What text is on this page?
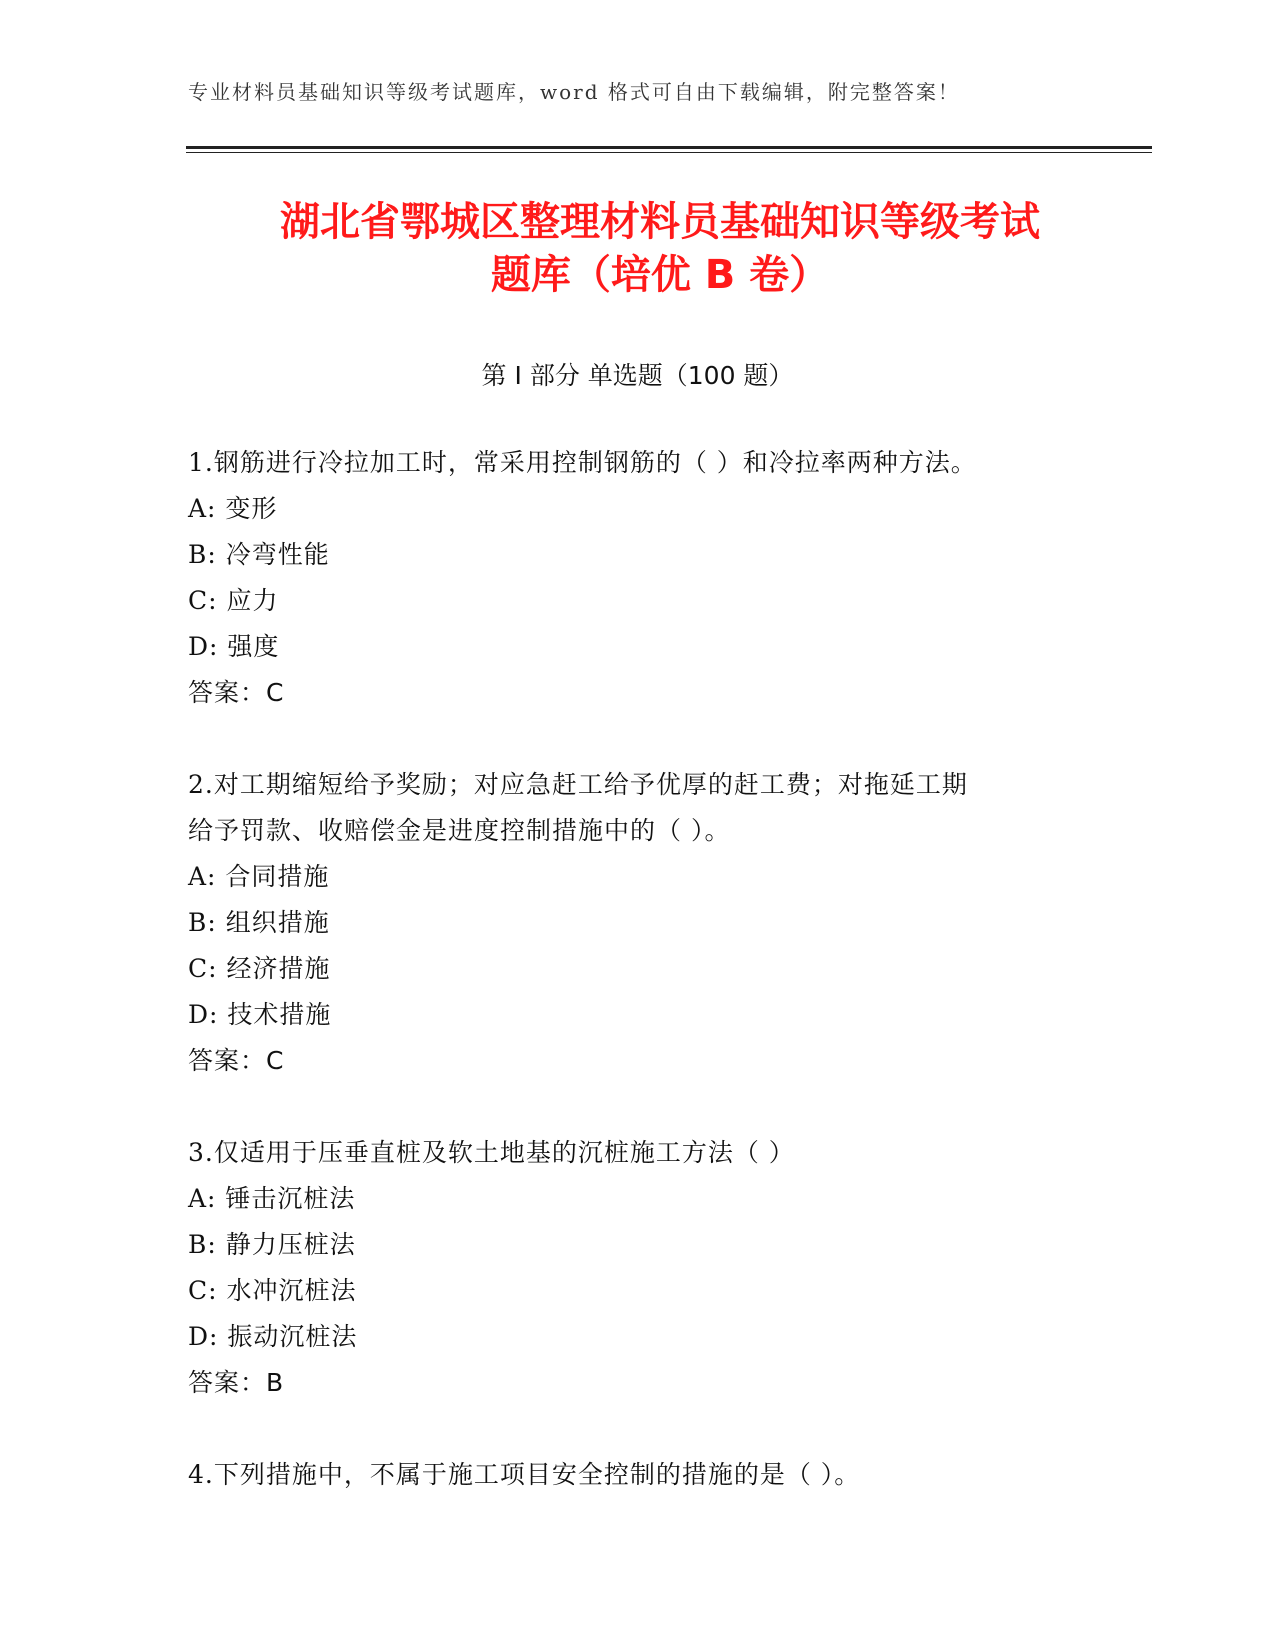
专业材料员基础知识等级考试题库，word 格式可自由下载编辑，附完整答案！
湖北省鄂城区整理材料员基础知识等级考试
题库（培优 B 卷）
第 I 部分 单选题（100 题）
1.钢筋进行冷拉加工时，常采用控制钢筋的（ ）和冷拉率两种方法。
A: 变形
B: 冷弯性能
C: 应力
D: 强度
答案：C
2.对工期缩短给予奖励；对应急赶工给予优厚的赶工费；对拖延工期
给予罚款、收赔偿金是进度控制措施中的（ ）。
A: 合同措施
B: 组织措施
C: 经济措施
D: 技术措施
答案：C
3.仅适用于压垂直桩及软土地基的沉桩施工方法（ ）
A: 锤击沉桩法
B: 静力压桩法
C: 水冲沉桩法
D: 振动沉桩法
答案：B
4.下列措施中，不属于施工项目安全控制的措施的是（ ）。
